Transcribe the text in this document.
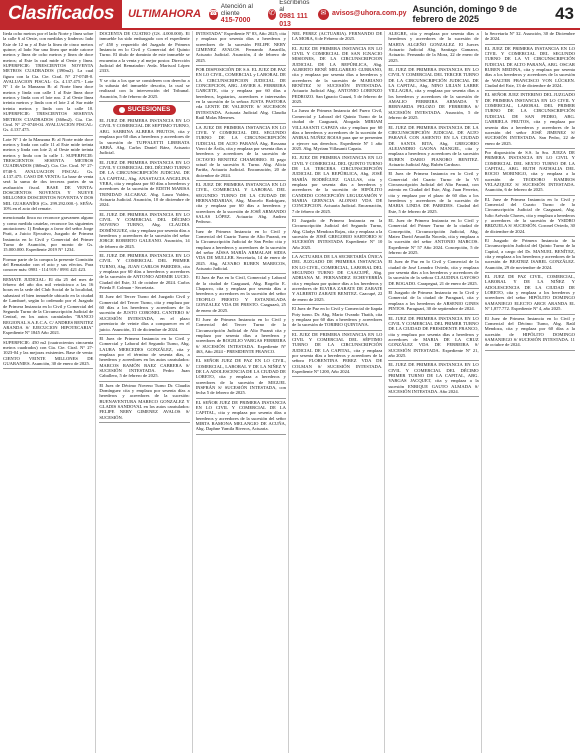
Clasificados	ULTIMAHORA ☎
Atención al cliente
415-7000
✆
Escríbinos al
0981 111 013
✉ avisos@uhora.com.py Asunción, domingo 9 de febrero de 2025	43
Iteda ocho metros por el lado Norte y línea sobre la calle 6 al Oeste, con medidas y linderos: lado Este de 12 m y al Este la línea de cinco metros quince; al lado Sur una línea que mide catorce metros y línea de ocho metros y línea de doce metros; al Este la cual mide al Oeste y línea. SUPERFICIE: TRESCIENTOS NOVENTA METROS CUADRADOS (390m2). La cual figura con la Cta. Cte. Ctral. N° 27-0748-0. AVALUACION FISCAL: Gs. 4.137.475.- Lote Nº 1 de la Manzana B: al Norte línea doce metros y linda con calle 1 al Este línea doce metros y linda con el lote nro. 2 al Oeste línea treinta metros y linda con el lote 2 al Sur mide treinta metros y linda con la calle 10. SUPERFICIE: TRESCIENTOS SESENTA METROS CUADRADOS (360m2). Cta. Cte. Ctral. N° 27-0748-04. AVALUACION FISCAL: Gs. 4.137.475.
Lote Nº 1 de la Manzana B: al Norte mide doce metros y linda con calle 11 al Este mide treinta metros y linda con lote 2; al Oeste mide treinta metros y linda con la calle 1. SUPERFICIE: TRESCIENTOS SESENTA METROS CUADRADOS (360m2). Cta. Cte. Ctral. N° 27-0748-5. AVALUACION FISCAL: Gs. 4.137.475. CASO DE VENTA: La base de venta será la suma de dos terceras partes de su avaluación fiscal. BASE DE VENTA: DOSCIENTOS NOVENTA Y NUEVE MILLONES DOSCIENTOS NOVENTA Y DOS MIL GUARANÍES (Gs. 299.292.000.-). SEÑA: 10% en el acto del remate.
mencionada finca no reconoce gravamen alguno y como medida cautelar, reconoce las siguientes anotaciones: 1) Embargo a favor del señor Jorge Pratt, a Juicio Ejecutivo, Juzgado de Primera Instancia en lo Civil y Comercial del Primer Turno de Asunción, por monto de Gs. 15.000.000. Expediente 2019 N° 1234.
Formar parte de la compra la presente Comisión del Rematador con el acto y sus efectos. Para conocer más: 0981 - 114 919 / 0991 421 423.
REMATE JUDICIAL: El día 25 del mes de febrero del año dos mil veinticinco a las 16 horas en la sede del Club Social de la localidad, subastará el bien inmueble ubicado en la ciudad de Lambaré, según lo ordenado por el Juzgado de Primera Instancia en lo Civil y Comercial del Segundo Turno de la Circunscripción Judicial de Central, en los autos caratulados "BANCO REGIONAL S.A.E.C.A. C/ ANDRES BENITEZ ARANDA S/ EJECUCION HIPOTECARIA" Expediente Nº 1845 Año 2021.
SUPERFICIE: 450 m2 (cuatrocientos cincuenta metros cuadrados) con Cta. Cte. Ctral. N° 27-1023-04 y las mejoras existentes. Base de venta: CIENTO VEINTE MILLONES DE GUARANIES. Asunción, 30 de enero de 2025.
DOCIENTA DE CUATRO (GS. 4.000.000). El inmueble ha sido embargado con el expediente n° 450 y requerido del Juzgado de Primera Instancia en lo Civil y Comercial del Quinto Turno. El título de dominio de este inmueble se encuentra a la venta y al mejor postor. Dirección Judicial del Rematador: Avda. Mariscal López 2333.
Y se cita a los que se consideren con derecho a la subasta del inmueble descrito, la cual se realizará con la intervención del Tribunal. Asunción, 5 de febrero de 2025.
SUCESIONES
EL JUEZ DE PRIMERA INSTANCIA EN LO CIVIL Y COMERCIAL DE SEPTIMO TURNO, ABG. SABRINA ALBERA FRUTOS, cita y emplaza por 60 días a herederos y acreedores de la sucesión de TUFFALETTI LIBERATA ABBÁ. Abg. Carlos Daniel Báez, Actuario Judicial.
EL JUEZ DE PRIMERA INSTANCIA EN LO CIVIL Y COMERCIAL DEL DÉCIMO TURNO DE LA CIRCUNSCRIPCIÓN JUDICIAL DE LA CAPITAL, Abg. ANASTACIA ANGELINA VERA, cita y emplaza por 60 días a herederos y acreedores de la sucesión de EDITH MARISA TRINIDAD ALCARAZ. Abg. Laura Valdez, Actuaria Judicial. Asunción, 10 de diciembre de 2024.
EL JUEZ DE PRIMERA INSTANCIA EN LO CIVIL Y COMERCIAL DEL DÉCIMO NOVENO TURNO, Abg. CLAUDIA DOMÍNGUEZ, cita y emplaza por sesenta días a herederos y acreedores de la sucesión del señor JORGE ROBERTO GALEANO. Asunción, 14 de febrero de 2025.
EL JUEZ DE PRIMERA INSTANCIA EN LO CIVIL Y COMERCIAL DEL PRIMER TURNO, Abg. JUAN CARLOS PAREDES, cita y emplaza por 60 días a herederos y acreedores de la sucesión de ANTONIO ADEMIR LUCIO. Ciudad del Este, 31 de octubre de 2024. Carlos Frieda F. Colman - Secretaria.
El Juez del Tercer Turno del Juzgado Civil y Comercial del Tercer Turno, cita y emplaza por 60 días a los herederos y acreedores de la sucesión de JUSTO CORONEL CANTERO S/ SUCESIÓN INTESTADA, en el plazo perentorio de veinte días a comparecer en el juicio. Asunción, 31 de diciembre de 2024.
El Juez de Primera Instancia en lo Civil y Comercial y Laboral del Segundo Turno, Abg. LAURA MERCEDES GONZÁLEZ, cita y emplaza por el término de sesenta días, a herederos y acreedores en los autos caratulados: MARCOS RAMÓN BAEZ CABRERA S/ SUCESIÓN INTESTADA. Pedro Juan Caballero, 5 de febrero de 2025.
El Juez de Décimo Noveno Turno Dr. Claudia Domínguez cita y emplaza por sesenta días a herederos y acreedores de la sucesión: BUENAVENTURA MARECO GONZALEZ Y GLADIS SANDOVAL en los autos caratulados: FELIPE NERY GIMENEZ AVALOS S/ SUCESIÓN.
INTESTADA" Expediente Nº 83, Año 2025; cita y emplaza por sesenta días a herederos y acreedores de la sucesión FELIPE NERY GIMENEZ AVALOS. Fernando Amarilla, Actuario Judicial. Asunción, 4 de febrero de 2025.
POR DISPOSICIÓN DE S.S. EL JUEZ DE PAZ EN LO CIVIL, COMERCIAL y LABORAL DE LA CIRCUNSCRIPCION JUDICIAL DE CONCEPCION, ABG. JAVIER A. FERREIRA GARCETE, cita y emplaza por 60 días a herederos, legatarios, acreedores e interesados en la sucesión de la señora JUSTA PASTORA vda LENTE DE VALIENTE S/ SUCESION INTESTADA. Actuaria Judicial Abg. Claudia Raúl Molas Meneses.
LA JUEZ DE PRIMERA INSTANCIA EN LO CIVIL Y COMERCIAL DEL SEGUNDO TURNO DE LA CIRCUNSCRIPCIÓN JUDICIAL DE ALTO PARANÁ Abg. Rossana Vierci de Ávila, cita y emplaza por sesenta días a herederos y acreedores de la sucesión de OCTAVIO BENITEZ CHAMORRO. El pago actual de la sucesión S. Turno. Abg. Alicia Fariña, Actuaria Judicial. Encarnación, 20 de diciembre de 2024.
EL JUEZ DE PRIMERA INSTANCIA EN LO CIVIL, COMERCIAL Y LABORAL DEL SEGUNDO TURNO DE LA CIUDAD DE HERNANDARIAS, Abg. Marcelo Rodríguez, cita y emplaza por 60 días a herederos y acreedores de la sucesión de JOSÉ ARMANDO SALAS LÓPEZ. Actuaria: Abg. Andrea Pedroso.
Juez de Primera Instancia en lo Civil y Comercial del Cuarto Turno de Alto Paraná, en la Circunscripción Judicial de San Pedro cita y emplaza a herederos y acreedores de la sucesión del señor AÍSSA MARÍA ARMALAH SIDIA VDA DE MULLER. Secretaría, 14 de enero de 2025. Abg. ALVARO RUBEN MARECOS, Actuario Judicial.
El Juez de Paz en lo Civil, Comercial y Laboral de la ciudad de Caaguazú, Abg. Rogelio E. Chaparro, cita y emplaza por sesenta días a herederos y acreedores en la sucesión del señor TEOFILO PRESTO Y ESTANISLADA GONZALEZ VDA DE PRESTO. Caaguazú, 25 de enero de 2025.
El Juez de Primera Instancia en lo Civil y Comercial del Tercer Turno de la Circunscripción Judicial de Alto Paraná cita y emplaza por sesenta días a herederos y acreedores de ROGELIO VARGAS FERREIRA S/ SUCESIÓN INTESTADA. Expediente Nº 463, Año 2024 - PRESIDENTE FRANCO.
EL SEÑOR JUEZ DE PAZ EN LO CIVIL, COMERCIAL, LABORAL Y DE LA NIÑEZ Y DE LA ADOLESCENCIA DE LA CIUDAD DE LORETO, cita y emplaza a herederos y acreedores de la sucesión de MIGUEL INSFRÁN S/ SUCESIÓN INTESTADA, con fecha 5 de febrero de 2025.
EL SEÑOR JUEZ DE PRIMERA INSTANCIA EN LO CIVIL Y COMERCIAL DE LA CAPITAL, cita y emplaza por sesenta días a herederos y acreedores de la sucesión del señor MIRTA RAMONA MELANGIO DE ACUÑA, Abg. Daphne Yamila Riveros, Actuaria.
NEL PEREZ (ACTUARIA). FERNANDO DE LA MORA, 6 de Febrero de 2025.
EL JUEZ DE PRIMERA INSTANCIA EN LO CIVIL Y COMERCIAL DE SAN IGNACIO MISIONES, DE LA CIRCUNSCRIPCION JUDICIAL DE LA REPÚBLICA, Abg. ALBERTO RENÉ MELGAREJO GURRANO, cita y emplaza por sesenta días a herederos y acreedores de la sucesión de MARIANO BENÍTEZ S/ SUCESIÓN INTESTADA. Actuario Judicial Abg. ANTONIO LORENZO PEDROZO. San Ignacio Guazú, 5 de febrero de 2025.
La Jueza de Primera Instancia del Fuero Civil, Comercial y Laboral del Quinto Turno de la ciudad de Caaguazú, Abogada MIRIAM VILLASANTI CAPATA cita y emplaza por 60 días a herederos y acreedores de la sucesión de ANIBAL NUÑEZ ROJAS para que se presenten a ejercer sus derechos. Expediente Nº 1 año 2025. Abg. Myriam Villasanti Capata.
EL JUEZ DE PRIMERA INSTANCIA EN LO CIVIL Y COMERCIAL DEL QUINTO TURNO DE LA TERCERA CIRCUNSCRIPCIÓN JUDICIAL DE LA REPÚBLICA, Abg. JOSÉ MARÍA RODRÍGUEZ GALLAS, cita y emplaza por sesenta días a herederos y acreedores de la sucesión de HIPÓLITO CANDIDO CONCEPCIÓN LEGUIZAMÓN Y MARIA GERVACIA ALONSO VDA DE CONCEPCION. Actuaria Judicial. Encarnación, 7 de febrero de 2025.
El Juzgado de Primera Instancia en la Circunscripción Judicial del Segundo Turno, Abg. Gladys Mendoza Rojas, cita y emplaza a la sucesión de JOSÉ GREGORIO SARTORIO S/ SUCESIÓN INTESTADA Expediente Nº 10 Año 2025.
LA ACTUARIA DE LA SECRETARÍA ÚNICA DEL JUZGADO DE PRIMERA INSTANCIA EN LO CIVIL, COMERCIAL, LABORAL DEL SEGUNDO TURNO DE CAACUPÉ, Abg. ADRIANA M. FERNANDEZ ECHEVERRÍA cita y emplaza por quince días a los herederos y acreedores de ELVIRA ZARATE DE ZARATE Y ALBERTO ZARATE BENITEZ. Caacupé, 22 de enero de 2025.
El Juez de Paz en lo Civil y Comercial de Itapúa Poty turno. Dr. Abg. Mario Ovando Thaith, cita y emplaza por 60 días a herederos y acreedores de la sucesión de TORIBIO QUINTANA.
EL JUEZ DE PRIMERA INSTANCIA EN LO CIVIL Y COMERCIAL DEL SÉPTIMO TURNO DE LA CIRCUNSCRIPCIÓN JUDICIAL DE LA CAPITAL, cita y emplaza por sesenta días a herederos y acreedores de la señora FLORENTINA PEREZ VDA DE COLMAN S/ SUCESIÓN INTESTADA. Expediente Nº 1200, Año 2024.
ALEGRE, cita y emplaza por sesenta días a herederos y acreedores de la sucesión de MARTA ALGEÑO GONZALEZ. El Jueces Actuario Judicial Abg. Santiago Gamarra, Actuario. Fernando de la Mora, 22 de enero de 2025.
EL JUEZ DE PRIMERA INSTANCIA EN LO CIVIL Y COMERCIAL DEL TERCER TURNO DE LA CIRCUNSCRIPCIÓN JUDICIAL DE LA CAPITAL, Abg. NINO LILIAN LARRE VILLAGRA, cita y emplaza por sesenta días a los herederos y acreedores de la sucesión de AMALIO FERREIRA ARMADA Y BERNARDA PELOZO DE FERREIRA S/ SUCESIÓN INTESTADA. Asunción, 5 de febrero de 2025.
EL JUEZ DE PRIMERA INSTANCIA DE LA CIRCUNSCRIPCIÓN JUDICIAL DE ALTO PARANÁ CON ASIENTO EN LA CIUDAD DE SANTA RITA, Abg. GREGORIO ALEJANDRO GAONA MANGEL, cita y emplaza a herederos y acreedores de la sucesión RUBEN DARIO PIANORO BENITEZ. Actuario Judicial Abg. Rubén Cardozo.
El Juez de Primera Instancia en lo Civil y Comercial del Cuarto Turno de la VI Circunscripción Judicial del Alto Paraná, con asiento en Ciudad del Este, Abg. Juan Ferreira, cita y emplaza por el plazo de 60 días a los herederos y acreedores de la sucesión de MARIA LINDA DE PAREDES. Ciudad del Este, 5 de febrero de 2025.
EL Juez de Primera Instancia en lo Civil y Comercial del Primer Turno de la ciudad de Concepción, Circunscripción Judicial, Abg. Mateo David Amarilla Noceda, cita y emplaza a la sucesión del señor ANTONIO MARCOS. Expediente Nº 57 Año 2024. Concepción, 5 de febrero de 2025.
El Juez de Paz en lo Civil y Comercial de la ciudad de José Leandro Oviedo, cita y emplaza por sesenta días a los herederos y acreedores de la sucesión de la señora CLAUDINA GAYOSO DE BOGADO. Carapeguá, 21 de enero de 2025.
El Juzgado de Primera Instancia en lo Civil y Comercial de la ciudad de Paraguarí, cita y emplaza a los herederos de ARSENIO GINES PINTOS. Paraguarí, 30 de septiembre de 2024.
EL JUEZ DE PRIMERA INSTANCIA EN LO CIVIL Y COMERCIAL DEL PRIMER TURNO DE LA CIUDAD DE PRESIDENTE FRANCO, cita y emplaza por sesenta días a herederos y acreedores de MARIA DE LA CRUZ GONZÁLEZ VDA DE FERREIRA S/ SUCESIÓN INTESTADA. Expediente Nº 21, año 2025.
EL JUEZ DE PRIMERA INSTANCIA EN LO CIVIL Y COMERCIAL DEL DÉCIMO PRIMER TURNO DE LA CAPITAL, ABG. VARGAS JACQUET, cita y emplaza a la sucesión ENRIQUE GAUTO ALMADA S/ SUCESIÓN INTESTADA. Año 2024.
la Secretaría Nº 32. Asunción, 30 de Diciembre de 2024.
EL JUEZ DE PRIMERA INSTANCIA EN LO CIVIL Y COMERCIAL DEL SEGUNDO TURNO DE LA VI CIRCUNSCRIPCIÓN JUDICIAL DE ALTO PARANÁ, ABG. OSCAR RUBEN MEDINA, cita y emplaza por sesenta días a los herederos y acreedores de la sucesión de WALTER FRANCISCO VON LÜCKEN. Ciudad del Este, 13 de diciembre de 2024.
EL SEÑOR JUEZ INTERINO DEL JUZGADO DE PRIMERA INSTANCIA EN LO CIVIL Y COMERCIAL, LABORAL DEL PRIMER TURNO DE LA CIRCUNSCRIPCIÓN JUDICIAL DE SAN PEDRO, ABG. GABRIELA FRUTOS, cita y emplaza por sesenta días a herederos y acreedores de la sucesión del señor JOSÉ JIMENEZ S/ SUCESIÓN INTESTADA. San Pedro, 22 de enero de 2025.
Por disposición de S.S. la Sra. JUEZA DE PRIMERA INSTANCIA EN LO CIVIL Y COMERCIAL DEL SEXTO TURNO DE LA CAPITAL, ABG. RUTH NATHALIA DEL ROCIO MORINIGO, cita y emplaza a la sucesión de TEODORO RAMIROS VELAZQUEZ S/ SUCESIÓN INTESTADA. Asunción, 6 de febrero de 2025.
EL Juez de Primera Instancia en lo Civil y Comercial del Cuarto Turno de la Circunscripción Judicial de Caaguazú, Abg. Julio Arévalo Chaves, cita y emplaza a herederos y acreedores de la sucesión de YSIDRO BRIZUELA S/ SUCESIÓN. Coronel Oviedo, 30 de diciembre de 2024.
El Juzgado de Primera Instancia de la Circunscripción Judicial del Quinto Turno de la Capital, a cargo del Dr. MANUEL BENÍTEZ, cita y emplaza a los herederos y acreedores de la sucesión de BEATRIZ ISABEL GONZÁLEZ. Asunción, 29 de noviembre de 2024.
EL JUEZ DE PAZ CIVIL, COMERCIAL, LABORAL Y DE LA NIÑEZ Y ADOLESCENCIA DE LA CIUDAD DE LORETO, cita y emplaza a los herederos y acreedores del señor HIPÓLITO DOMINGO SAMANIEGO ELECTO ARCE ARANDA EL Nº 1,877.772. Expediente Nº 4, año 2025.
El Juez de Primera Instancia en lo Civil y Comercial del Décimo Turno, Abg. Raúl Mendoza, cita y emplaza por 60 días a la sucesión de HIPÓLITO DOMINGO SAMANIEGO S/ SUCESIÓN INTESTADA. 11 de octubre de 2024.
